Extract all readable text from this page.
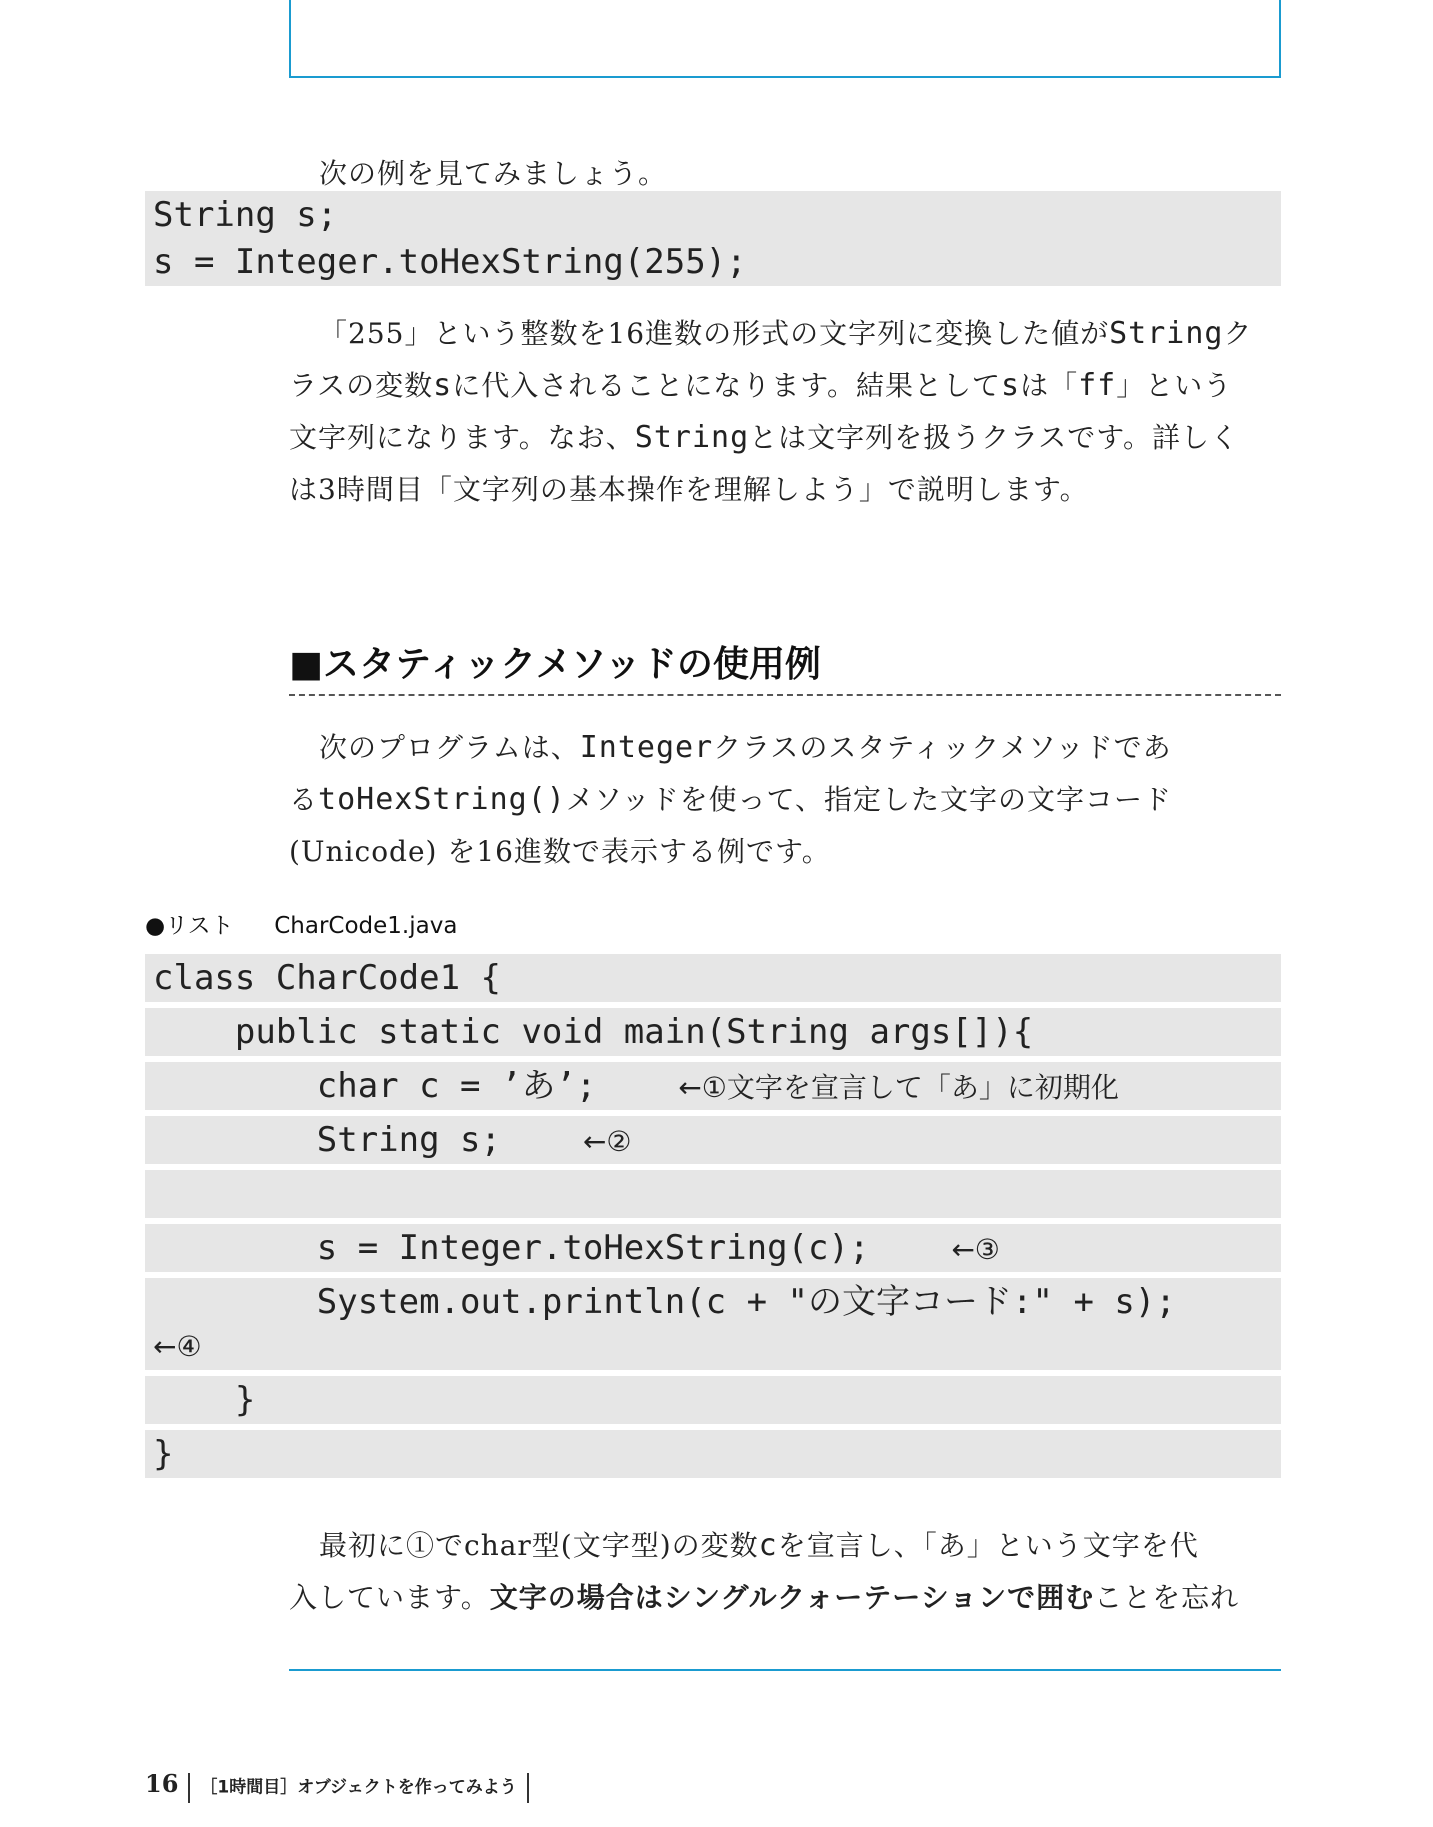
次の例を見てみましょう。
String s;
s = Integer.toHexString(255);
「255」という整数を16進数の形式の文字列に変換した値がStringク
ラスの変数sに代入されることになります。結果としてsは「ff」という
文字列になります。なお、Stringとは文字列を扱うクラスです。詳しく
は3時間目「文字列の基本操作を理解しよう」で説明します。
■スタティックメソッドの使用例
次のプログラムは、Integerクラスのスタティックメソッドであ
るtoHexString()メソッドを使って、指定した文字の文字コード
(Unicode) を16進数で表示する例です。
●リスト CharCode1.java
class CharCode1 {
public static void main(String args[]){
char c = ’あ’;    ←①文字を宣言して「あ」に初期化
String s;    ←②
s = Integer.toHexString(c);    ←③
System.out.println(c + "の文字コード:" + s);
←④
}
}
最初に①でchar型(文字型)の変数cを宣言し、「あ」という文字を代
入しています。文字の場合はシングルクォーテーションで囲むことを忘れ
16 ［1時間目］オブジェクトを作ってみよう
